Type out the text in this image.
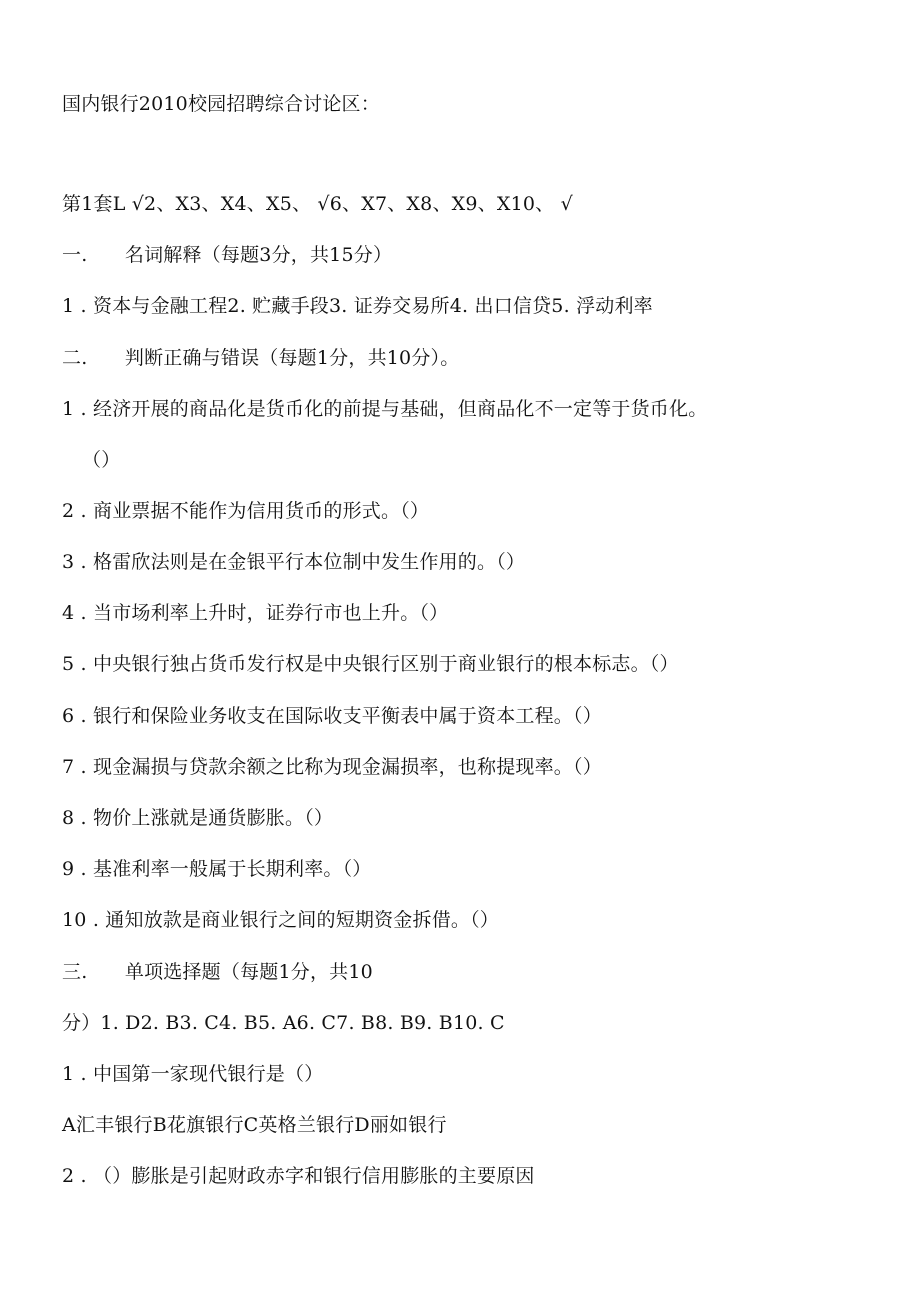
国内银行2010校园招聘综合讨论区：
第1套L √2、X3、X4、X5、 √6、X7、X8、X9、X10、 √
一.      名词解释（每题3分，共15分）
1 . 资本与金融工程2. 贮藏手段3. 证券交易所4. 出口信贷5. 浮动利率
二.      判断正确与错误（每题1分，共10分）。
1 . 经济开展的商品化是货币化的前提与基础，但商品化不一定等于货币化。
（）
2 . 商业票据不能作为信用货币的形式。（）
3 . 格雷欣法则是在金银平行本位制中发生作用的。（）
4 . 当市场利率上升时，证券行市也上升。（）
5 . 中央银行独占货币发行权是中央银行区别于商业银行的根本标志。（）
6 . 银行和保险业务收支在国际收支平衡表中属于资本工程。（）
7 . 现金漏损与贷款余额之比称为现金漏损率，也称提现率。（）
8 . 物价上涨就是通货膨胀。（）
9 . 基准利率一般属于长期利率。（）
10 . 通知放款是商业银行之间的短期资金拆借。（）
三.      单项选择题（每题1分，共10
分）1. D2. B3. C4. B5. A6. C7. B8. B9. B10. C
1 . 中国第一家现代银行是（）
A汇丰银行B花旗银行C英格兰银行D丽如银行
2 . （）膨胀是引起财政赤字和银行信用膨胀的主要原因
